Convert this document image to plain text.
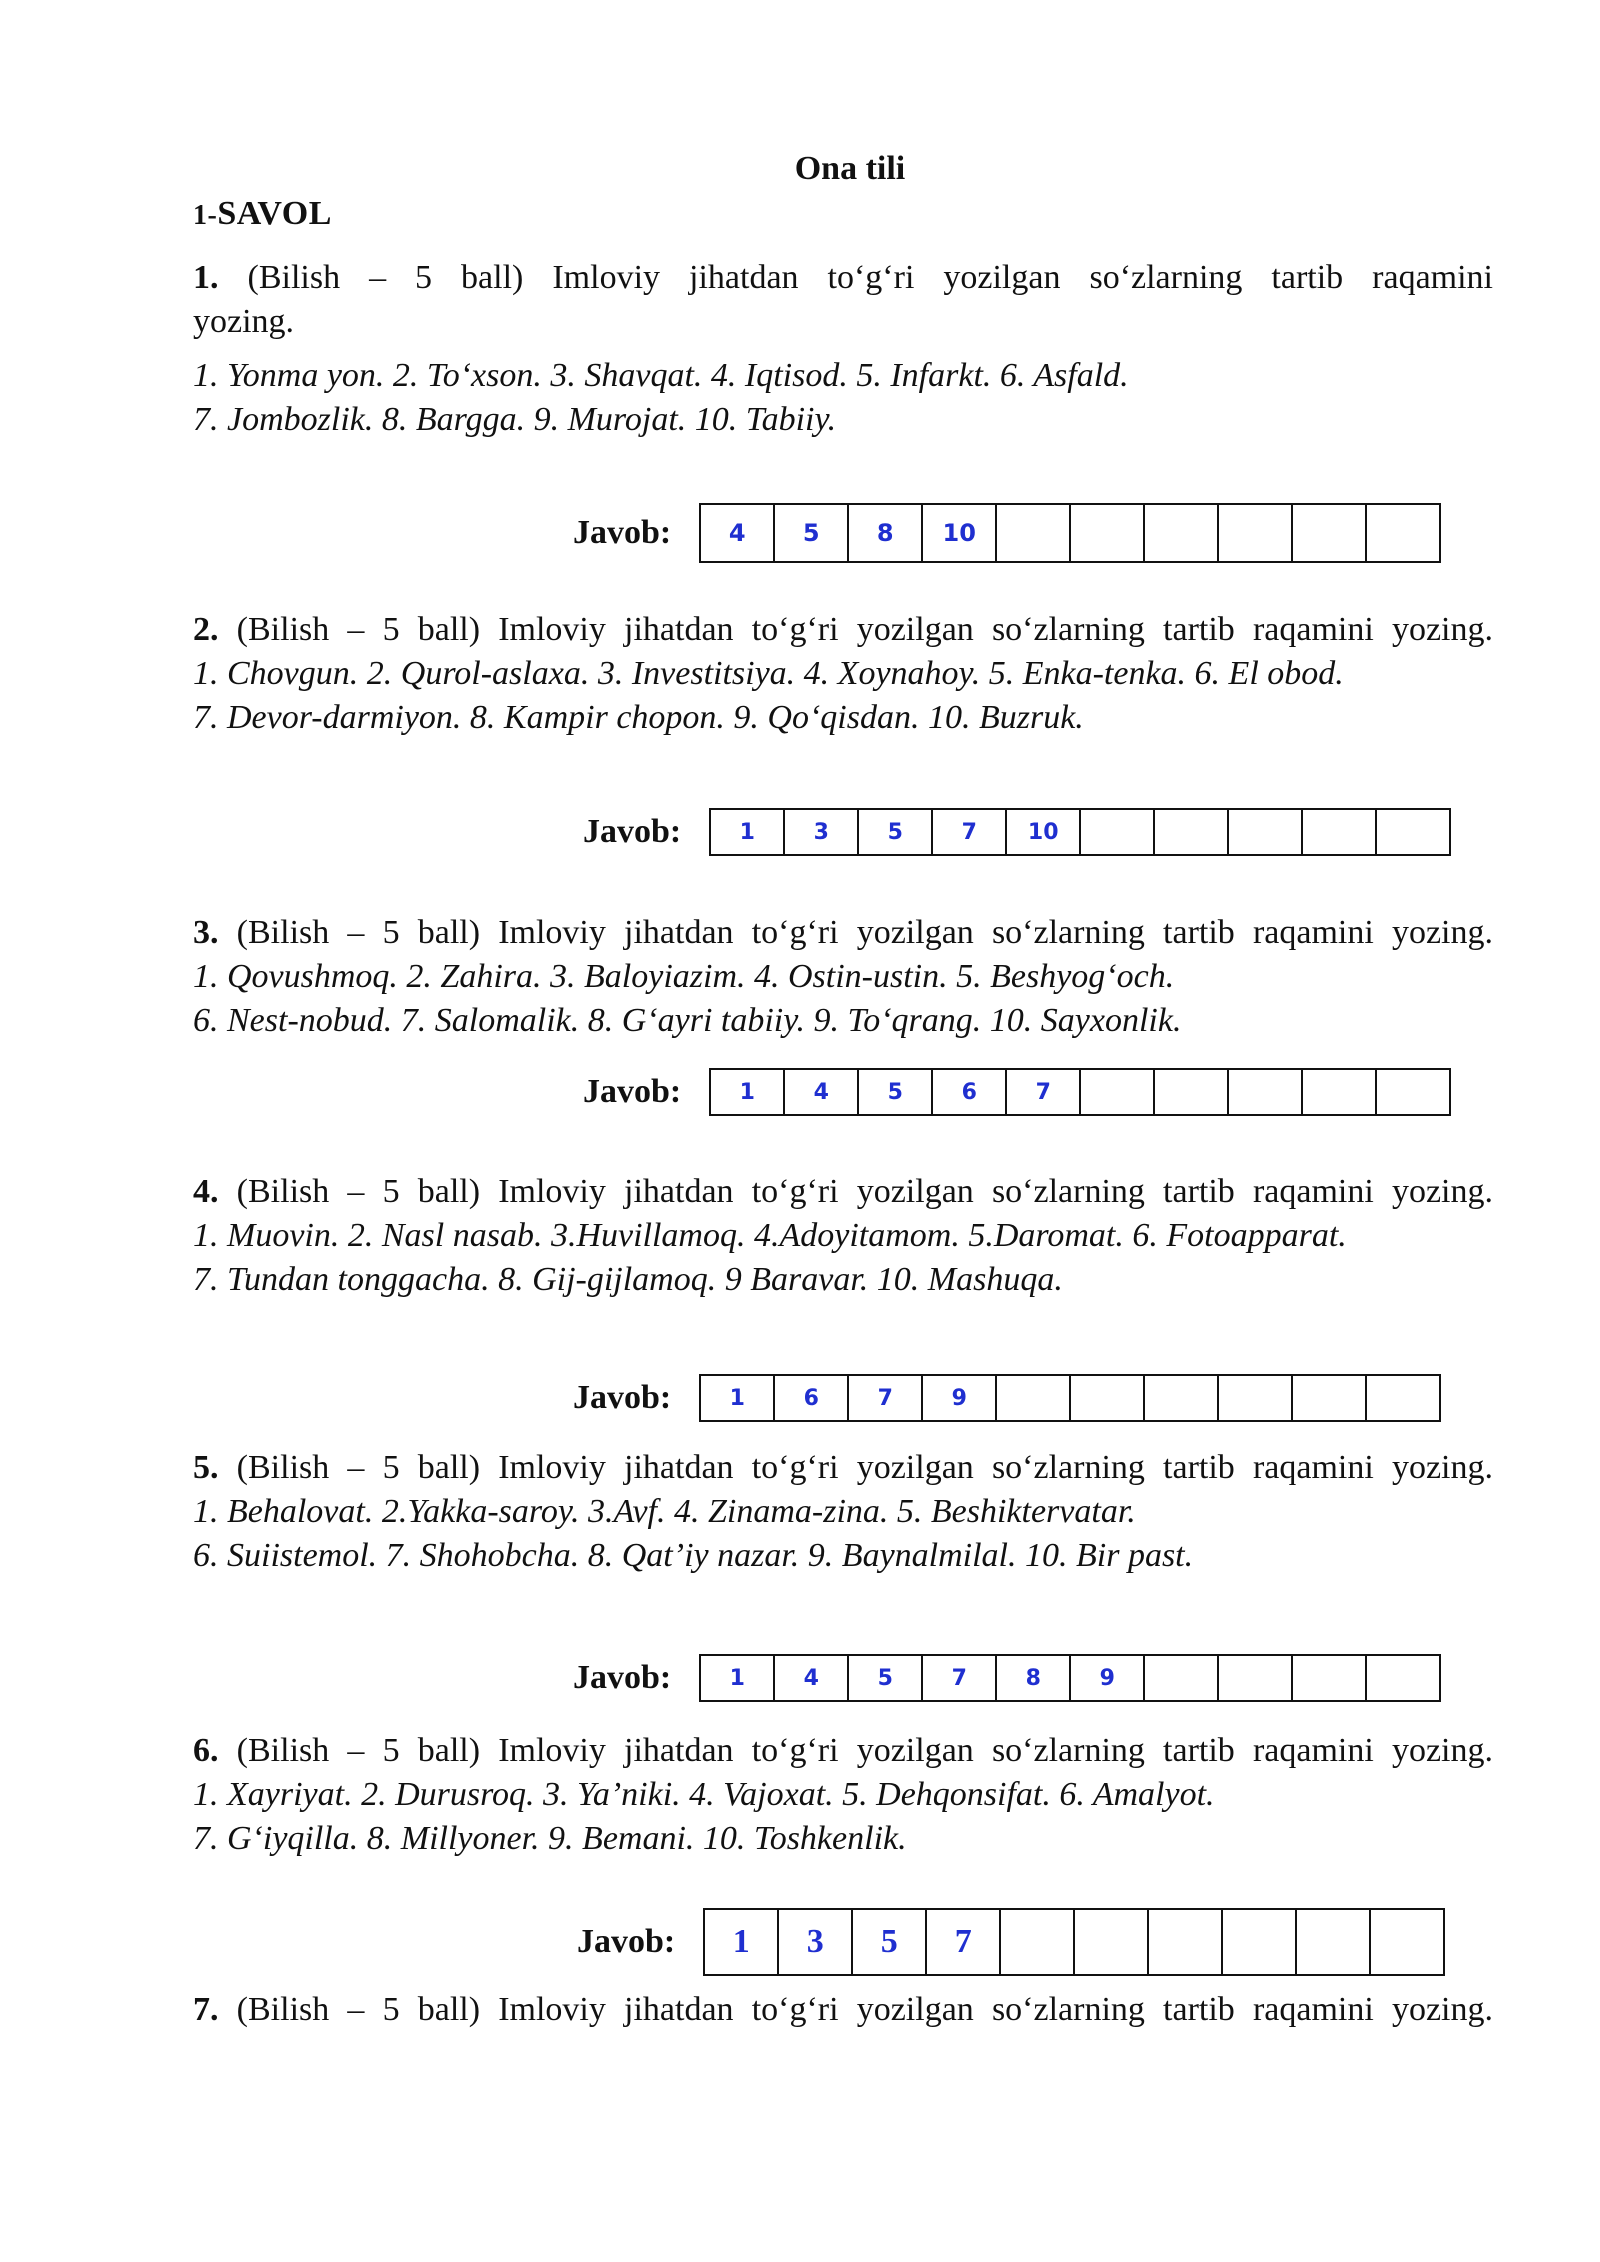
Ona tili
1-SAVOL
1. (Bilish – 5 ball) Imloviy jihatdan to‘g‘ri yozilgan so‘zlarning tartib raqamini
yozing.
1. Yonma yon. 2. To‘xson. 3. Shavqat. 4. Iqtisod. 5. Infarkt. 6. Asfald.
7. Jombozlik. 8. Bargga. 9. Murojat. 10. Tabiiy.
Javob:	4	5	8	10
2. (Bilish – 5 ball) Imloviy jihatdan to‘g‘ri yozilgan so‘zlarning tartib raqamini yozing.
1. Chovgun. 2. Qurol-aslaxa. 3. Investitsiya. 4. Xoynahoy. 5. Enka-tenka. 6. El obod.
7. Devor-darmiyon. 8. Kampir chopon. 9. Qo‘qisdan. 10. Buzruk.
Javob:	1	3	5	7	10
3. (Bilish – 5 ball) Imloviy jihatdan to‘g‘ri yozilgan so‘zlarning tartib raqamini yozing.
1. Qovushmoq. 2. Zahira. 3. Baloyiazim. 4. Ostin-ustin. 5. Beshyog‘och.
6. Nest-nobud. 7. Salomalik. 8. G‘ayri tabiiy. 9. To‘qrang. 10. Sayxonlik.
Javob:	1	4	5	6	7
4. (Bilish – 5 ball) Imloviy jihatdan to‘g‘ri yozilgan so‘zlarning tartib raqamini yozing.
1. Muovin. 2. Nasl nasab. 3.Huvillamoq. 4.Adoyitamom. 5.Daromat. 6. Fotoapparat.
7. Tundan tonggacha. 8. Gij-gijlamoq. 9 Baravar. 10. Mashuqa.
Javob:	1	6	7	9
5. (Bilish – 5 ball) Imloviy jihatdan to‘g‘ri yozilgan so‘zlarning tartib raqamini yozing.
1. Behalovat. 2.Yakka-saroy. 3.Avf. 4. Zinama-zina. 5. Beshiktervatar.
6. Suiistemol. 7. Shohobcha. 8. Qat’iy nazar. 9. Baynalmilal. 10. Bir past.
Javob:	1	4	5	7	8	9
6. (Bilish – 5 ball) Imloviy jihatdan to‘g‘ri yozilgan so‘zlarning tartib raqamini yozing.
1. Xayriyat. 2. Durusroq. 3. Ya’niki. 4. Vajoxat. 5. Dehqonsifat. 6. Amalyot.
7. G‘iyqilla. 8. Millyoner. 9. Bemani. 10. Toshkenlik.
Javob:	1	3	5	7
7. (Bilish – 5 ball) Imloviy jihatdan to‘g‘ri yozilgan so‘zlarning tartib raqamini yozing.
